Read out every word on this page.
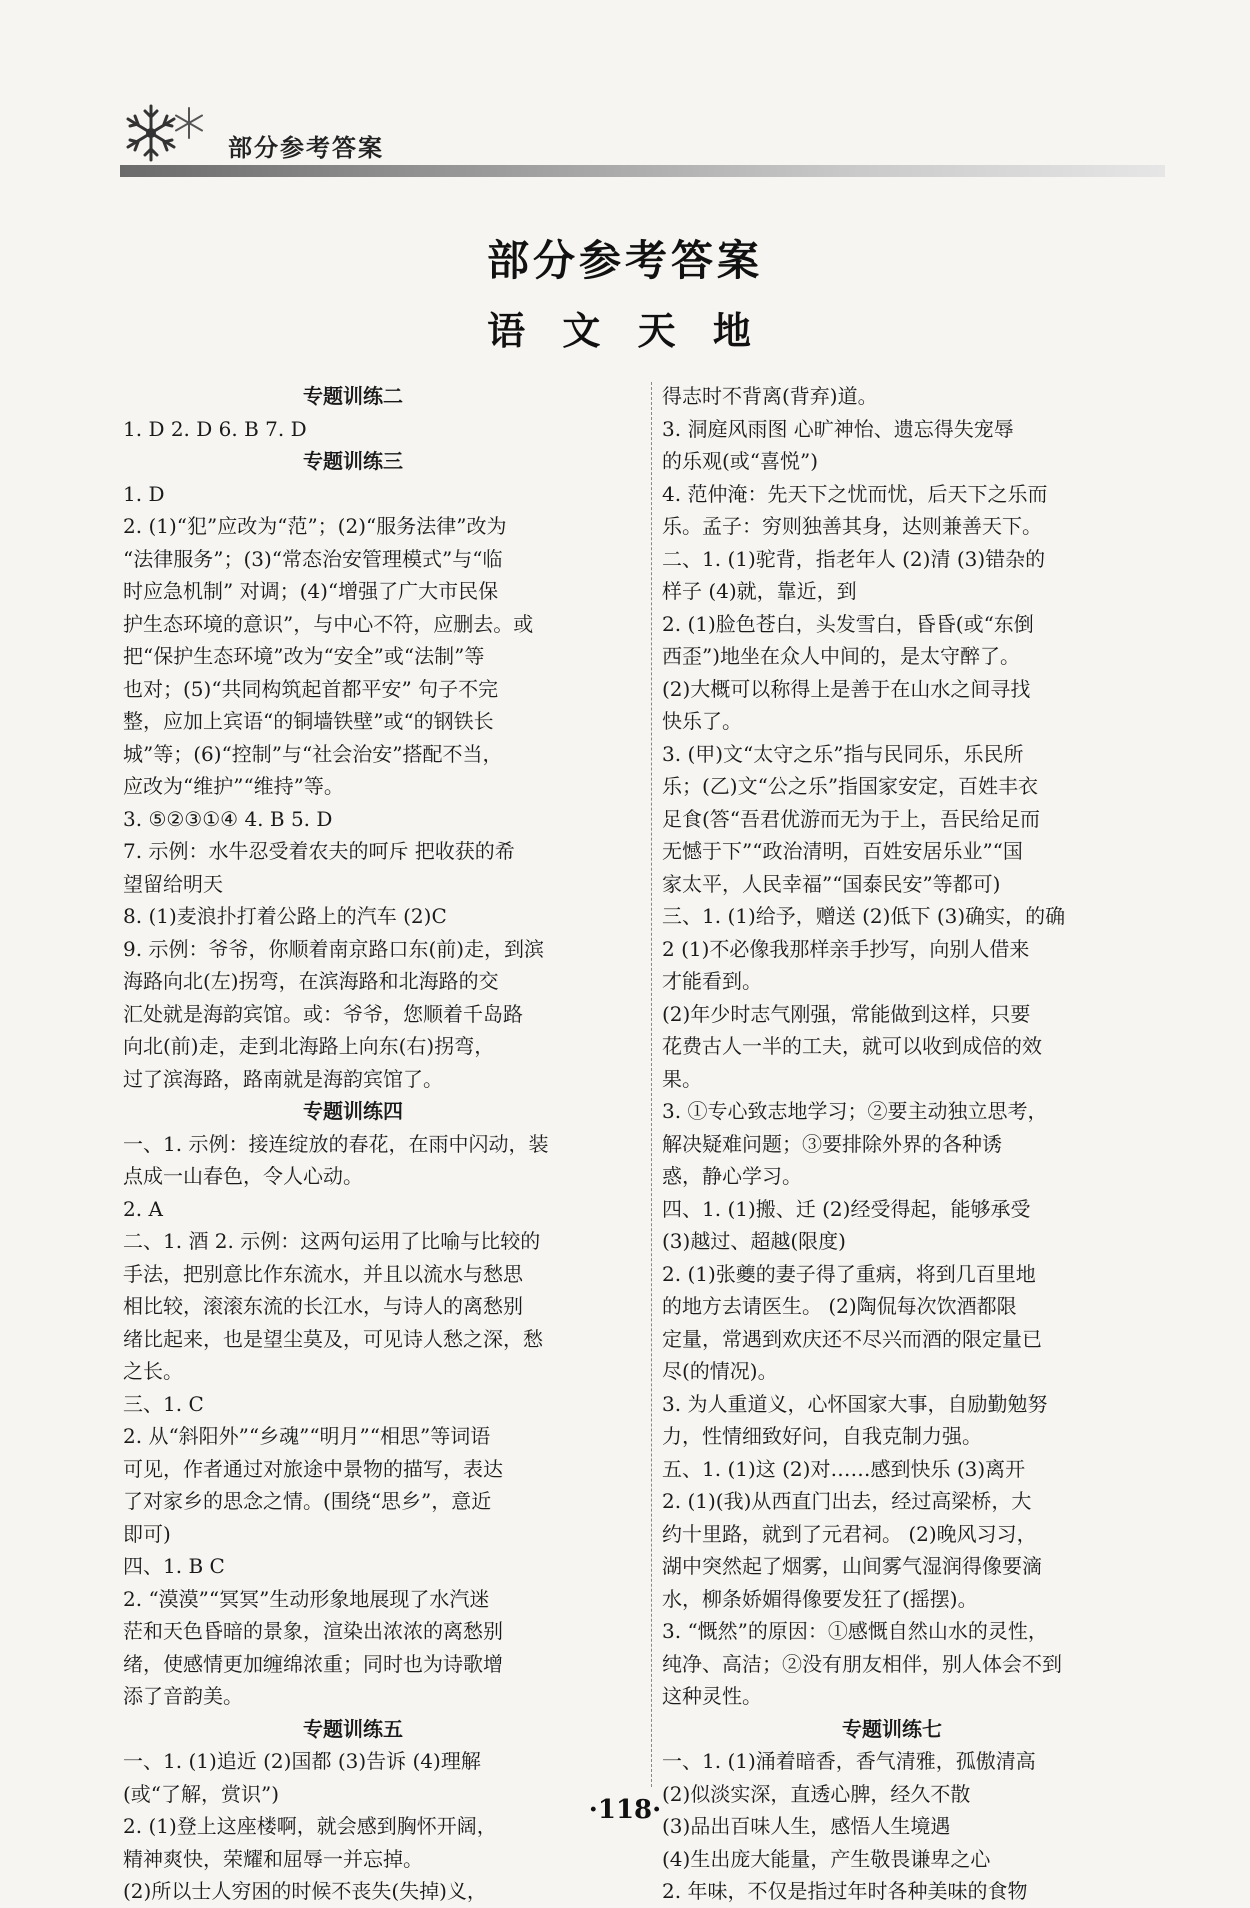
部分参考答案
部分参考答案
语 文 天 地
专题训练二
1. D 2. D 6. B 7. D
专题训练三
1. D
2. (1)“犯”应改为“范”；(2)“服务法律”改为
“法律服务”；(3)“常态治安管理模式”与“临
时应急机制” 对调；(4)“增强了广大市民保
护生态环境的意识”，与中心不符，应删去。或
把“保护生态环境”改为“安全”或“法制”等
也对；(5)“共同构筑起首都平安” 句子不完
整，应加上宾语“的铜墙铁壁”或“的钢铁长
城”等；(6)“控制”与“社会治安”搭配不当，
应改为“维护”“维持”等。
3. ⑤②③①④ 4. B 5. D
7. 示例：水牛忍受着农夫的呵斥 把收获的希
望留给明天
8. (1)麦浪扑打着公路上的汽车 (2)C
9. 示例：爷爷，你顺着南京路口东(前)走，到滨
海路向北(左)拐弯，在滨海路和北海路的交
汇处就是海韵宾馆。或：爷爷，您顺着千岛路
向北(前)走，走到北海路上向东(右)拐弯，
过了滨海路，路南就是海韵宾馆了。
专题训练四
一、1. 示例：接连绽放的春花，在雨中闪动，装
点成一山春色，令人心动。
2. A
二、1. 酒 2. 示例：这两句运用了比喻与比较的
手法，把别意比作东流水，并且以流水与愁思
相比较，滚滚东流的长江水，与诗人的离愁别
绪比起来，也是望尘莫及，可见诗人愁之深，愁
之长。
三、1. C
2. 从“斜阳外”“乡魂”“明月”“相思”等词语
可见，作者通过对旅途中景物的描写，表达
了对家乡的思念之情。(围绕“思乡”，意近
即可)
四、1. B C
2. “漠漠”“冥冥”生动形象地展现了水汽迷
茫和天色昏暗的景象，渲染出浓浓的离愁别
绪，使感情更加缠绵浓重；同时也为诗歌增
添了音韵美。
专题训练五
一、1. (1)追近 (2)国都 (3)告诉 (4)理解
(或“了解，赏识”)
2. (1)登上这座楼啊，就会感到胸怀开阔，
精神爽快，荣耀和屈辱一并忘掉。
(2)所以士人穷困的时候不丧失(失掉)义，
得志时不背离(背弃)道。
3. 洞庭风雨图 心旷神怡、遗忘得失宠辱
的乐观(或“喜悦”)
4. 范仲淹：先天下之忧而忧，后天下之乐而
乐。孟子：穷则独善其身，达则兼善天下。
二、1. (1)驼背，指老年人 (2)清 (3)错杂的
样子 (4)就，靠近，到
2. (1)脸色苍白，头发雪白，昏昏(或“东倒
西歪”)地坐在众人中间的，是太守醉了。
(2)大概可以称得上是善于在山水之间寻找
快乐了。
3. (甲)文“太守之乐”指与民同乐，乐民所
乐；(乙)文“公之乐”指国家安定，百姓丰衣
足食(答“吾君优游而无为于上，吾民给足而
无憾于下”“政治清明，百姓安居乐业”“国
家太平，人民幸福”“国泰民安”等都可)
三、1. (1)给予，赠送 (2)低下 (3)确实，的确
2 (1)不必像我那样亲手抄写，向别人借来
才能看到。
(2)年少时志气刚强，常能做到这样，只要
花费古人一半的工夫，就可以收到成倍的效
果。
3. ①专心致志地学习；②要主动独立思考，
解决疑难问题；③要排除外界的各种诱
惑，静心学习。
四、1. (1)搬、迁 (2)经受得起，能够承受
(3)越过、超越(限度)
2. (1)张夔的妻子得了重病，将到几百里地
的地方去请医生。 (2)陶侃每次饮酒都限
定量，常遇到欢庆还不尽兴而酒的限定量已
尽(的情况)。
3. 为人重道义，心怀国家大事，自励勤勉努
力，性情细致好问，自我克制力强。
五、1. (1)这 (2)对……感到快乐 (3)离开
2. (1)(我)从西直门出去，经过高梁桥，大
约十里路，就到了元君祠。 (2)晚风习习，
湖中突然起了烟雾，山间雾气湿润得像要滴
水，柳条娇媚得像要发狂了(摇摆)。
3. “慨然”的原因：①感慨自然山水的灵性，
纯净、高洁；②没有朋友相伴，别人体会不到
这种灵性。
专题训练七
一、1. (1)涌着暗香，香气清雅，孤傲清高
(2)似淡实深，直透心脾，经久不散
(3)品出百味人生，感悟人生境遇
(4)生出庞大能量，产生敬畏谦卑之心
2. 年味，不仅是指过年时各种美味的食物
·118·
